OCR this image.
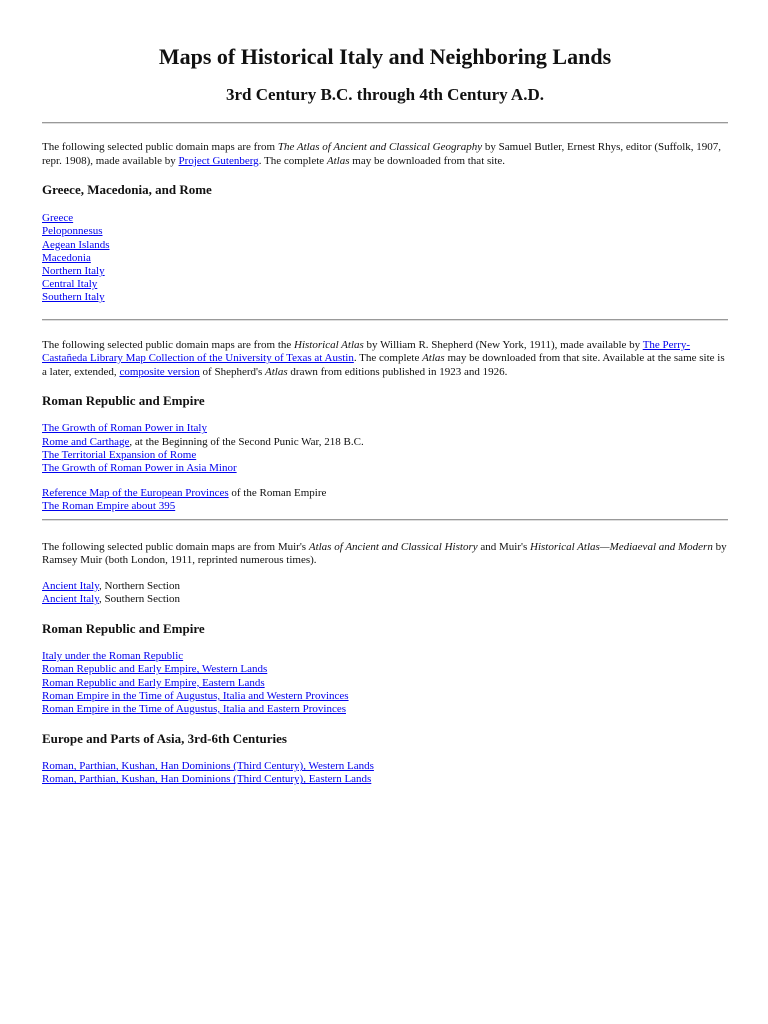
Maps of Historical Italy and Neighboring Lands
3rd Century B.C. through 4th Century A.D.

The following selected public domain maps are from The Atlas of Ancient and Classical Geography by Samuel Butler, Ernest Rhys, editor (Suffolk, 1907, repr. 1908), made available by Project Gutenberg. The complete Atlas may be downloaded from that site.

Greece, Macedonia, and Rome
Greece
Peloponnesus
Aegean Islands
Macedonia
Northern Italy
Central Italy
Southern Italy

The following selected public domain maps are from the Historical Atlas by William R. Shepherd (New York, 1911), made available by The Perry-Castañeda Library Map Collection of the University of Texas at Austin. The complete Atlas may be downloaded from that site. Available at the same site is a later, extended, composite version of Shepherd's Atlas drawn from editions published in 1923 and 1926.

Roman Republic and Empire
The Growth of Roman Power in Italy
Rome and Carthage, at the Beginning of the Second Punic War, 218 B.C.
The Territorial Expansion of Rome
The Growth of Roman Power in Asia Minor
Reference Map of the European Provinces of the Roman Empire
The Roman Empire about 395

The following selected public domain maps are from Muir's Atlas of Ancient and Classical History and Muir's Historical Atlas—Mediaeval and Modern by Ramsey Muir (both London, 1911, reprinted numerous times).

Ancient Italy, Northern Section
Ancient Italy, Southern Section
Roman Republic and Empire
Italy under the Roman Republic
Roman Republic and Early Empire, Western Lands
Roman Republic and Early Empire, Eastern Lands
Roman Empire in the Time of Augustus, Italia and Western Provinces
Roman Empire in the Time of Augustus, Italia and Eastern Provinces
Europe and Parts of Asia, 3rd-6th Centuries
Roman, Parthian, Kushan, Han Dominions (Third Century), Western Lands
Roman, Parthian, Kushan, Han Dominions (Third Century), Eastern Lands
